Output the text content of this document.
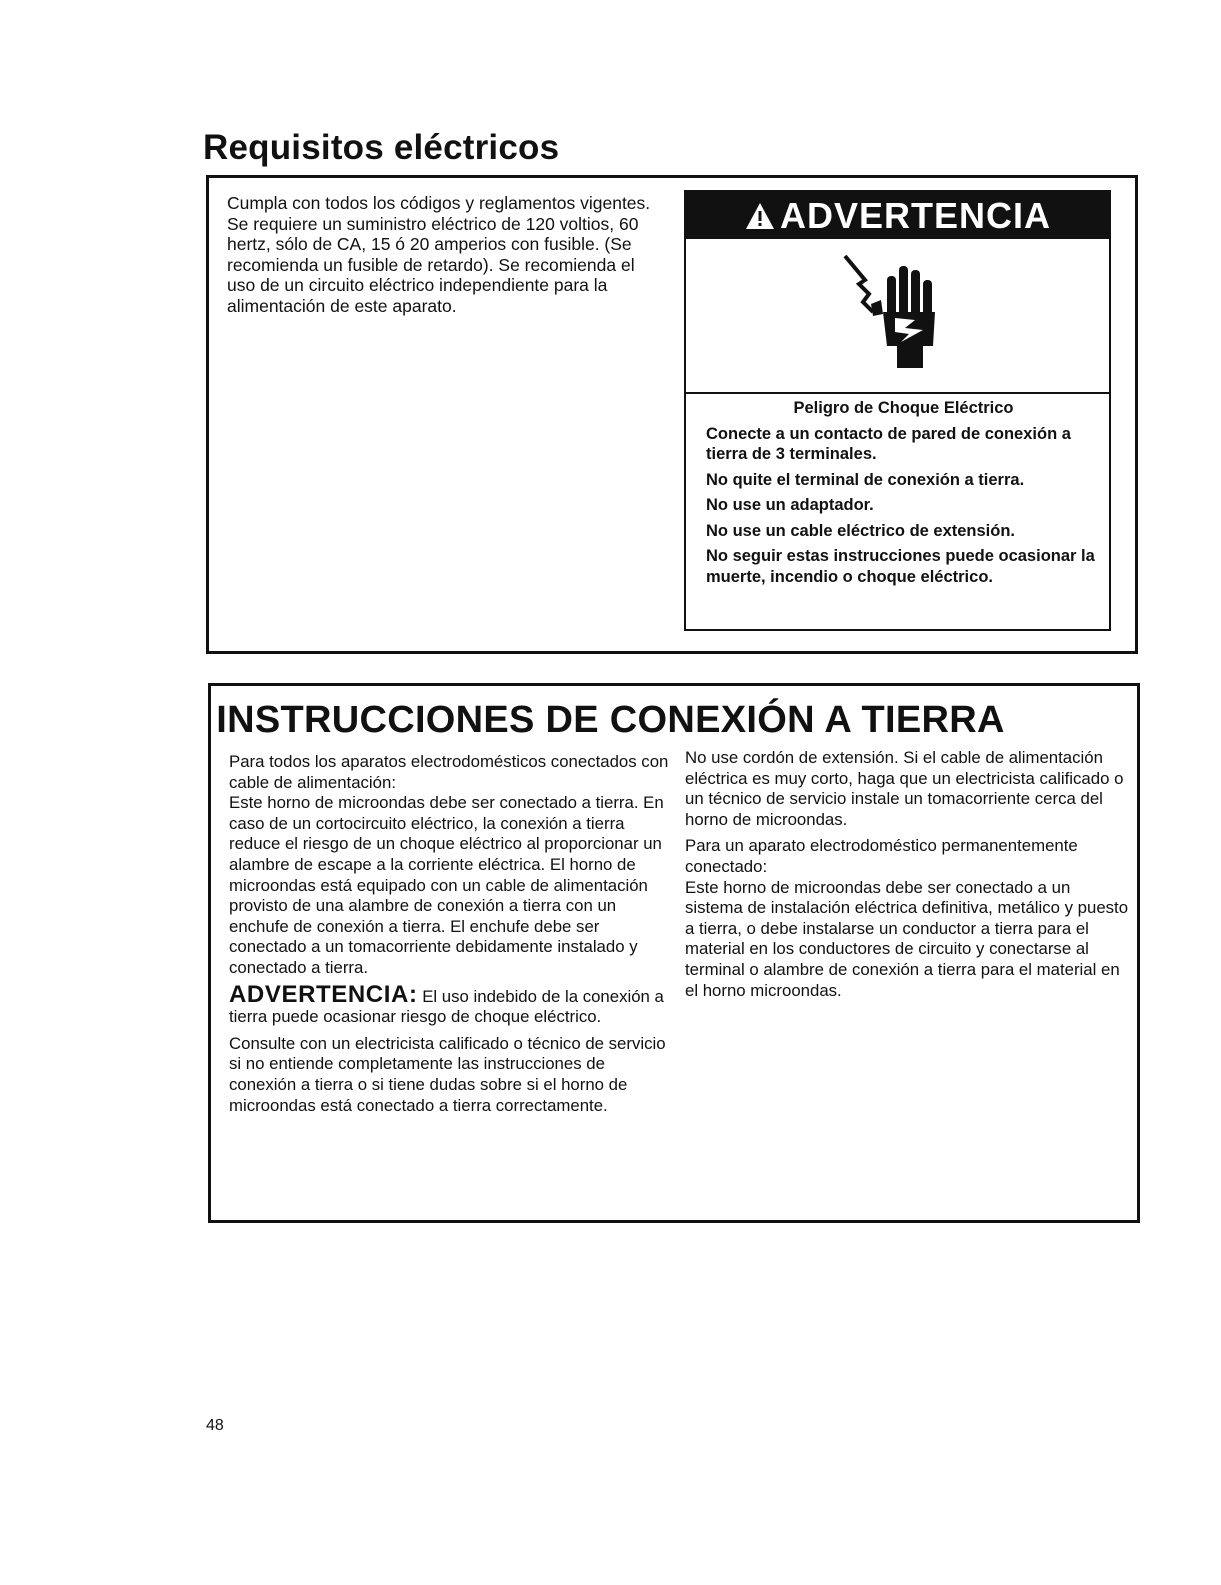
Requisitos eléctricos

Cumpla con todos los códigos y reglamentos vigentes. Se requiere un suministro eléctrico de 120 voltios, 60 hertz, sólo de CA, 15 ó 20 amperios con fusible. (Se recomienda un fusible de retardo). Se recomienda el uso de un circuito eléctrico independiente para la alimentación de este aparato.

ADVERTENCIA

Peligro de Choque Eléctrico

Conecte a un contacto de pared de conexión a tierra de 3 terminales.

No quite el terminal de conexión a tierra.

No use un adaptador.

No use un cable eléctrico de extensión.

No seguir estas instrucciones puede ocasionar la muerte, incendio o choque eléctrico.

INSTRUCCIONES DE CONEXIÓN A TIERRA

Para todos los aparatos electrodomésticos conectados con cable de alimentación:
Este horno de microondas debe ser conectado a tierra. En caso de un cortocircuito eléctrico, la conexión a tierra reduce el riesgo de un choque eléctrico al proporcionar un alambre de escape a la corriente eléctrica. El horno de microondas está equipado con un cable de alimentación provisto de una alambre de conexión a tierra con un enchufe de conexión a tierra. El enchufe debe ser conectado a un tomacorriente debidamente instalado y conectado a tierra.

ADVERTENCIA: El uso indebido de la conexión a tierra puede ocasionar riesgo de choque eléctrico.

Consulte con un electricista calificado o técnico de servicio si no entiende completamente las instrucciones de conexión a tierra o si tiene dudas sobre si el horno de microondas está conectado a tierra correctamente.

No use cordón de extensión. Si el cable de alimentación eléctrica es muy corto, haga que un electricista calificado o un técnico de servicio instale un tomacorriente cerca del horno de microondas.

Para un aparato electrodoméstico permanentemente conectado:
Este horno de microondas debe ser conectado a un sistema de instalación eléctrica definitiva, metálico y puesto a tierra, o debe instalarse un conductor a tierra para el material en los conductores de circuito y conectarse al terminal o alambre de conexión a tierra para el material en el horno microondas.

48
